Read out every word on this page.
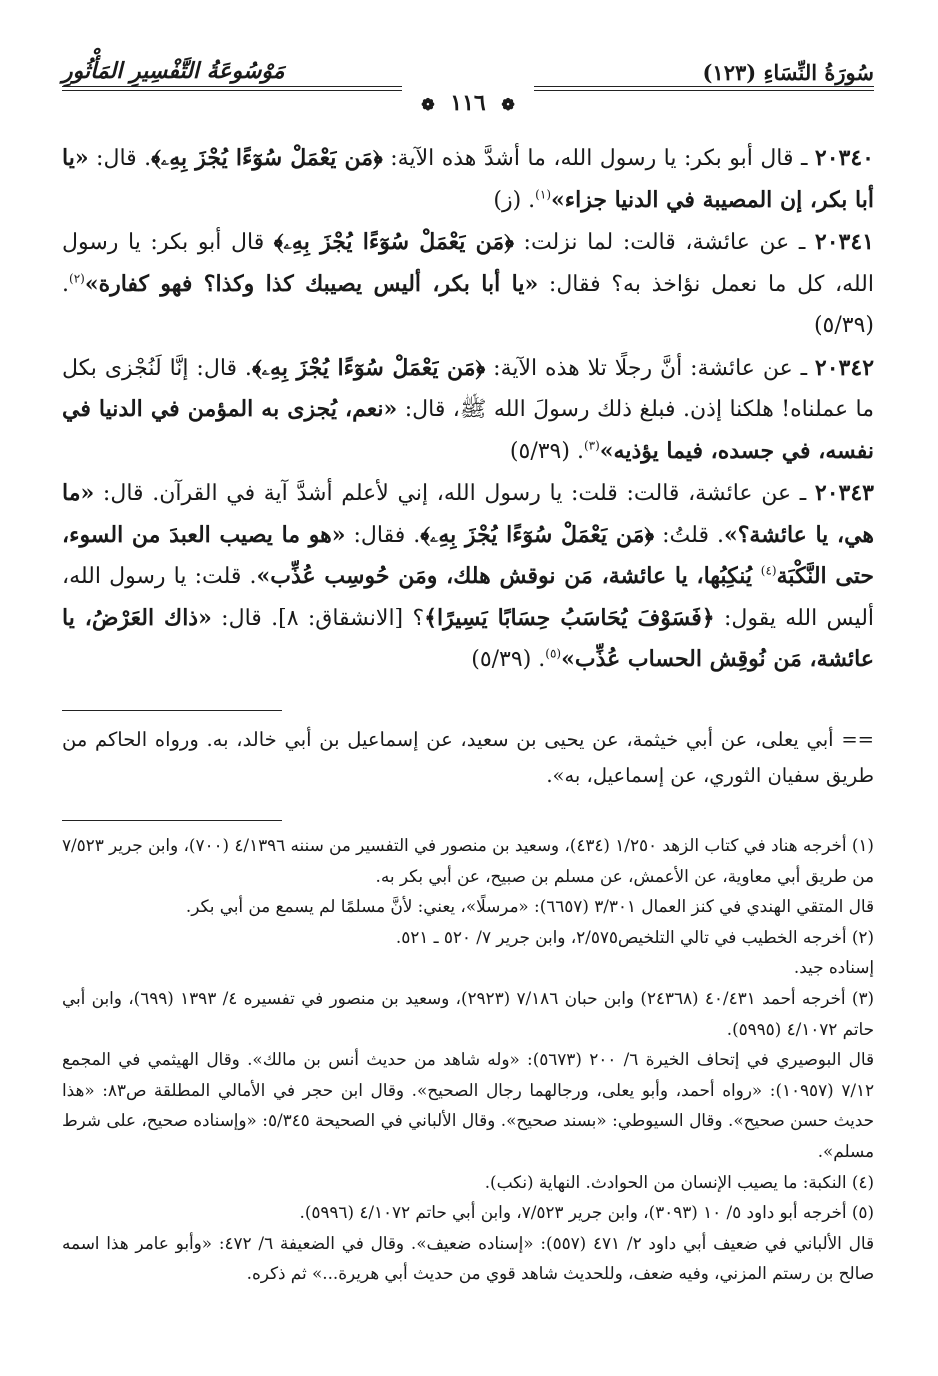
سُورَةُ النِّسَاءِ (١٢٣)
مَوْسُوعَةُ التَّفْسِيرِ المَأْثُورِ
❁ ١١٦ ❁

٢٠٣٤٠ ـ قال أبو بكر: يا رسول الله، ما أشدَّ هذه الآية: ﴿مَن يَعْمَلْ سُوٓءًا يُجْزَ بِهِۦ﴾. قال: «يا أبا بكر، إن المصيبة في الدنيا جزاء»$^{(١)}$. (ز)

٢٠٣٤١ ـ عن عائشة، قالت: لما نزلت: ﴿مَن يَعْمَلْ سُوٓءًا يُجْزَ بِهِۦ﴾ قال أبو بكر: يا رسول الله، كل ما نعمل نؤاخذ به؟ فقال: «يا أبا بكر، أليس يصيبك كذا وكذا؟ فهو كفارة»$^{(٢)}$. (٥/٣٩)

٢٠٣٤٢ ـ عن عائشة: أنَّ رجلًا تلا هذه الآية: ﴿مَن يَعْمَلْ سُوٓءًا يُجْزَ بِهِۦ﴾. قال: إنَّا لَنُجْزى بكل ما عملناه! هلكنا إذن. فبلغ ذلك رسولَ الله ﷺ، قال: «نعم، يُجزى به المؤمن في الدنيا في نفسه، في جسده، فيما يؤذيه»$^{(٣)}$. (٥/٣٩)

٢٠٣٤٣ ـ عن عائشة، قالت: قلت: يا رسول الله، إني لأعلم أشدَّ آية في القرآن. قال: «ما هي، يا عائشة؟». قلتُ: ﴿مَن يَعْمَلْ سُوٓءًا يُجْزَ بِهِۦ﴾. فقال: «هو ما يصيب العبدَ من السوء، حتى النَّكْبَة$^{(٤)}$ يُنكِبُها، يا عائشة، مَن نوقش هلك، ومَن حُوسِب عُذِّب». قلت: يا رسول الله، أليس الله يقول: ﴿فَسَوْفَ يُحَاسَبُ حِسَابًا يَسِيرًا﴾؟ [الانشقاق: ٨]. قال: «ذاك العَرْضُ، يا عائشة، مَن نُوقِش الحساب عُذِّب»$^{(٥)}$. (٥/٣٩)

== أبي يعلى، عن أبي خيثمة، عن يحيى بن سعيد، عن إسماعيل بن أبي خالد، به. ورواه الحاكم من طريق سفيان الثوري، عن إسماعيل، به».

(١) أخرجه هناد في كتاب الزهد ١/٢٥٠ (٤٣٤)، وسعيد بن منصور في التفسير من سننه ٤/١٣٩٦ (٧٠٠)، وابن جرير ٧/٥٢٣ من طريق أبي معاوية، عن الأعمش، عن مسلم بن صبيح، عن أبي بكر به.

قال المتقي الهندي في كنز العمال ٣/٣٠١ (٦٦٥٧): «مرسلًا»، يعني: لأنَّ مسلمًا لم يسمع من أبي بكر.

(٢) أخرجه الخطيب في تالي التلخيص٢/٥٧٥، وابن جرير ٧/ ٥٢٠ ـ ٥٢١.

إسناده جيد.

(٣) أخرجه أحمد ٤٠/٤٣١ (٢٤٣٦٨) وابن حبان ٧/١٨٦ (٢٩٢٣)، وسعيد بن منصور في تفسيره ٤/ ١٣٩٣ (٦٩٩)، وابن أبي حاتم ٤/١٠٧٢ (٥٩٩٥).

قال البوصيري في إتحاف الخيرة ٦/ ٢٠٠ (٥٦٧٣): «وله شاهد من حديث أنس بن مالك». وقال الهيثمي في المجمع ٧/١٢ (١٠٩٥٧): «رواه أحمد، وأبو يعلى، ورجالهما رجال الصحيح». وقال ابن حجر في الأمالي المطلقة ص٨٣: «هذا حديث حسن صحيح». وقال السيوطي: «بسند صحيح». وقال الألباني في الصحيحة ٥/٣٤٥: «وإسناده صحيح، على شرط مسلم».

(٤) النكبة: ما يصيب الإنسان من الحوادث. النهاية (نكب).

(٥) أخرجه أبو داود ٥/ ١٠ (٣٠٩٣)، وابن جرير ٧/٥٢٣، وابن أبي حاتم ٤/١٠٧٢ (٥٩٩٦).

قال الألباني في ضعيف أبي داود ٢/ ٤٧١ (٥٥٧): «إسناده ضعيف». وقال في الضعيفة ٦/ ٤٧٢: «وأبو عامر هذا اسمه صالح بن رستم المزني، وفيه ضعف، وللحديث شاهد قوي من حديث أبي هريرة...» ثم ذكره.
